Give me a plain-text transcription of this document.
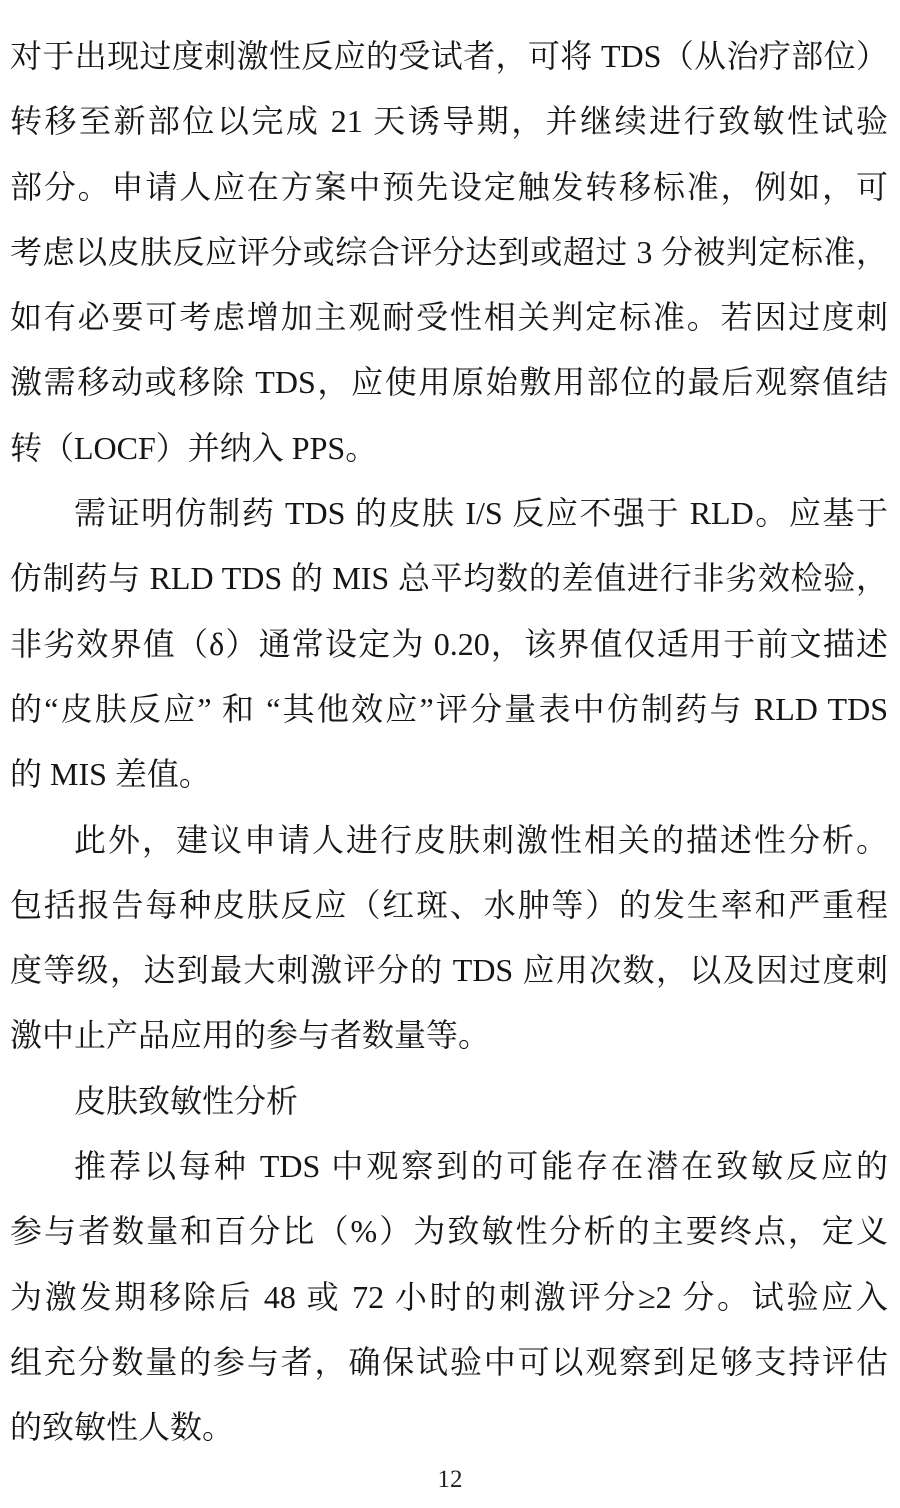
对于出现过度刺激性反应的受试者，可将 TDS（从治疗部位）
转移至新部位以完成 21 天诱导期，并继续进行致敏性试验
部分。申请人应在方案中预先设定触发转移标准，例如，可
考虑以皮肤反应评分或综合评分达到或超过 3 分被判定标准，
如有必要可考虑增加主观耐受性相关判定标准。若因过度刺
激需移动或移除 TDS，应使用原始敷用部位的最后观察值结
转（LOCF）并纳入 PPS。
需证明仿制药 TDS 的皮肤 I/S 反应不强于 RLD。应基于
仿制药与 RLD TDS 的 MIS 总平均数的差值进行非劣效检验，
非劣效界值（δ）通常设定为 0.20，该界值仅适用于前文描述
的“皮肤反应” 和 “其他效应”评分量表中仿制药与 RLD TDS
的 MIS 差值。
此外，建议申请人进行皮肤刺激性相关的描述性分析。
包括报告每种皮肤反应（红斑、水肿等）的发生率和严重程
度等级，达到最大刺激评分的 TDS 应用次数，以及因过度刺
激中止产品应用的参与者数量等。
皮肤致敏性分析
推荐以每种 TDS 中观察到的可能存在潜在致敏反应的
参与者数量和百分比（%）为致敏性分析的主要终点，定义
为激发期移除后 48 或 72 小时的刺激评分≥2 分。试验应入
组充分数量的参与者，确保试验中可以观察到足够支持评估
的致敏性人数。
12
